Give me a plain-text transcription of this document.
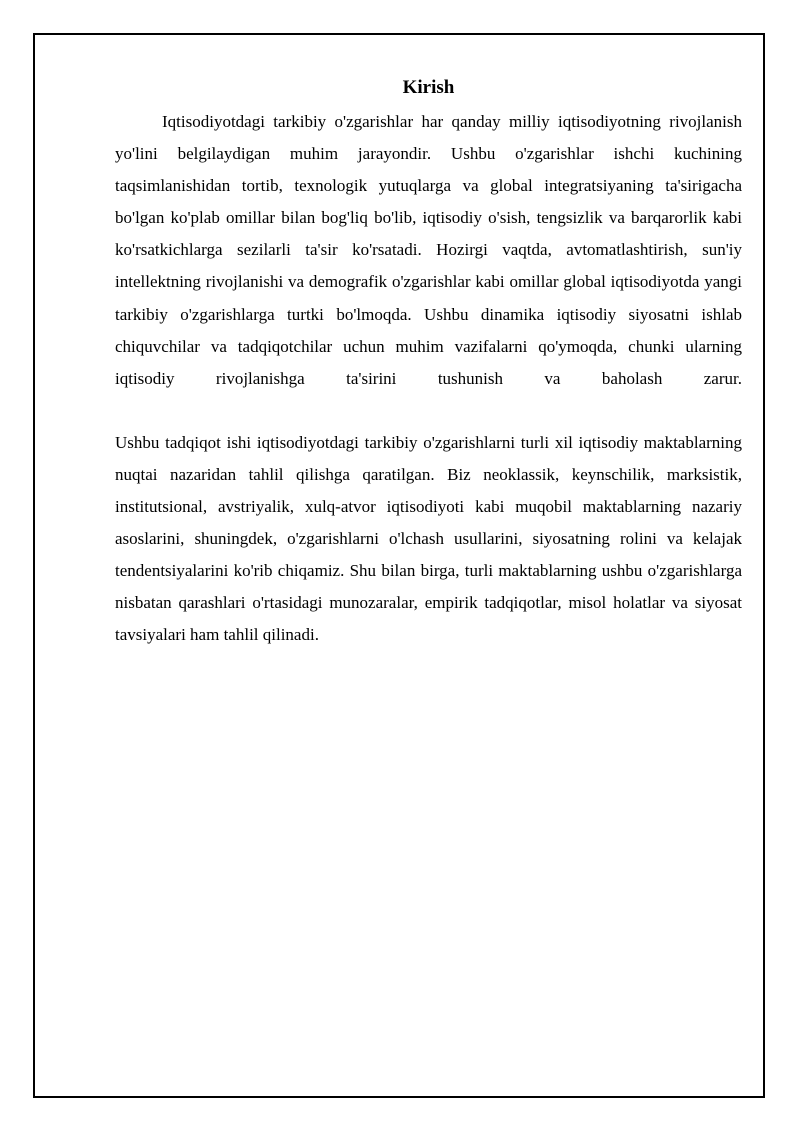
Kirish

Iqtisodiyotdagi tarkibiy o'zgarishlar har qanday milliy iqtisodiyotning rivojlanish yo'lini belgilaydigan muhim jarayondir. Ushbu o'zgarishlar ishchi kuchining taqsimlanishidan tortib, texnologik yutuqlarga va global integratsiyaning ta'sirigacha bo'lgan ko'plab omillar bilan bog'liq bo'lib, iqtisodiy o'sish, tengsizlik va barqarorlik kabi ko'rsatkichlarga sezilarli ta'sir ko'rsatadi. Hozirgi vaqtda, avtomatlashtirish, sun'iy intellektning rivojlanishi va demografik o'zgarishlar kabi omillar global iqtisodiyotda yangi tarkibiy o'zgarishlarga turtki bo'lmoqda. Ushbu dinamika iqtisodiy siyosatni ishlab chiquvchilar va tadqiqotchilar uchun muhim vazifalarni qo'ymoqda, chunki ularning iqtisodiy rivojlanishga ta'sirini tushunish va baholash zarur.

Ushbu tadqiqot ishi iqtisodiyotdagi tarkibiy o'zgarishlarni turli xil iqtisodiy maktablarning nuqtai nazaridan tahlil qilishga qaratilgan. Biz neoklassik, keynschilik, marksistik, institutsional, avstriyalik, xulq-atvor iqtisodiyoti kabi muqobil maktablarning nazariy asoslarini, shuningdek, o'zgarishlarni o'lchash usullarini, siyosatning rolini va kelajak tendentsiyalarini ko'rib chiqamiz. Shu bilan birga, turli maktablarning ushbu o'zgarishlarga nisbatan qarashlari o'rtasidagi munozaralar, empirik tadqiqotlar, misol holatlar va siyosat tavsiyalari ham tahlil qilinadi.
